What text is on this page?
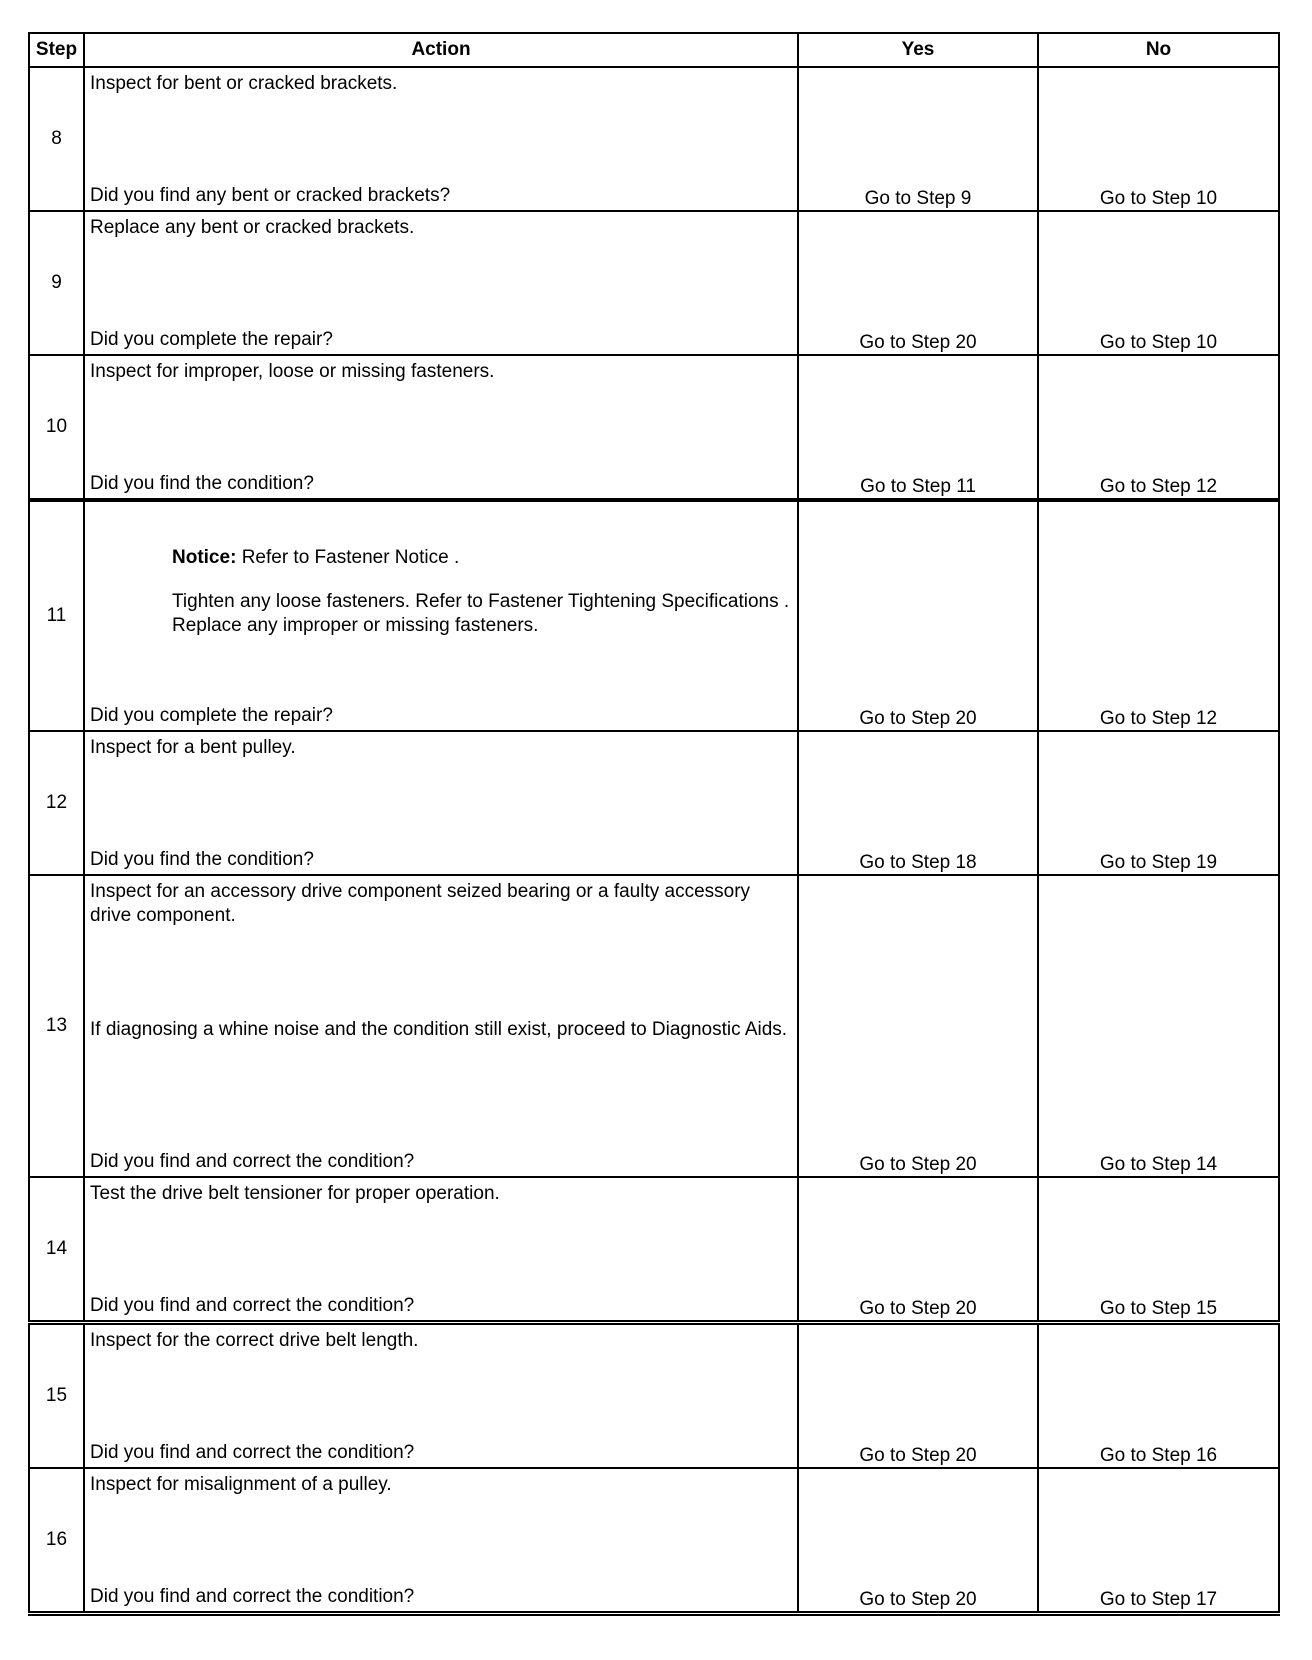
Step	Action	Yes	No
8	Inspect for bent or cracked brackets.
Did you find any bent or cracked brackets?	Go to Step 9	Go to Step 10
9	Replace any bent or cracked brackets.
Did you complete the repair?	Go to Step 20	Go to Step 10
10	Inspect for improper, loose or missing fasteners.
Did you find the condition?	Go to Step 11	Go to Step 12
11	Notice: Refer to Fastener Notice .
Tighten any loose fasteners. Refer to Fastener Tightening Specifications .
Replace any improper or missing fasteners.
Did you complete the repair?	Go to Step 20	Go to Step 12
12	Inspect for a bent pulley.
Did you find the condition?	Go to Step 18	Go to Step 19
13	Inspect for an accessory drive component seized bearing or a faulty accessory drive component.
If diagnosing a whine noise and the condition still exist, proceed to Diagnostic Aids.
Did you find and correct the condition?	Go to Step 20	Go to Step 14
14	Test the drive belt tensioner for proper operation.
Did you find and correct the condition?	Go to Step 20	Go to Step 15
15	Inspect for the correct drive belt length.
Did you find and correct the condition?	Go to Step 20	Go to Step 16
16	Inspect for misalignment of a pulley.
Did you find and correct the condition?	Go to Step 20	Go to Step 17
